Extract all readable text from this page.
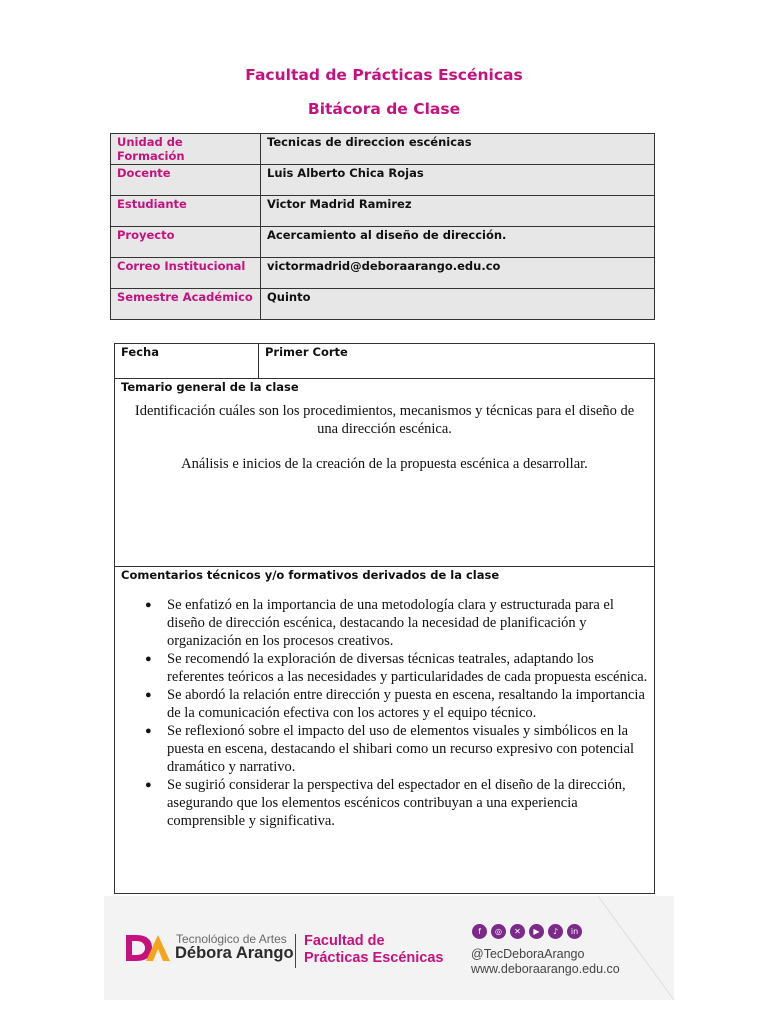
Facultad de Prácticas Escénicas
Bitácora de Clase
Unidad de Formación	Tecnicas de direccion escénicas
Docente	Luis Alberto Chica Rojas
Estudiante	Victor Madrid Ramirez
Proyecto	Acercamiento al diseño de dirección.
Correo Institucional	victormadrid@deboraarango.edu.co
Semestre Académico	Quinto
Fecha	Primer Corte

Temario general de la clase
Identificación cuáles son los procedimientos, mecanismos y técnicas para el diseño de una dirección escénica.
Análisis e inicios de la creación de la propuesta escénica a desarrollar.

Comentarios técnicos y/o formativos derivados de la clase
● Se enfatizó en la importancia de una metodología clara y estructurada para el diseño de dirección escénica, destacando la necesidad de planificación y organización en los procesos creativos.
● Se recomendó la exploración de diversas técnicas teatrales, adaptando los referentes teóricos a las necesidades y particularidades de cada propuesta escénica.
● Se abordó la relación entre dirección y puesta en escena, resaltando la importancia de la comunicación efectiva con los actores y el equipo técnico.
● Se reflexionó sobre el impacto del uso de elementos visuales y simbólicos en la puesta en escena, destacando el shibari como un recurso expresivo con potencial dramático y narrativo.
● Se sugirió considerar la perspectiva del espectador en el diseño de la dirección, asegurando que los elementos escénicos contribuyan a una experiencia comprensible y significativa.
Tecnológico de Artes
Débora Arango
Facultad de
Prácticas Escénicas
f	◎	✕	▶	♪	in
@TecDeboraArango
www.deboraarango.edu.co
